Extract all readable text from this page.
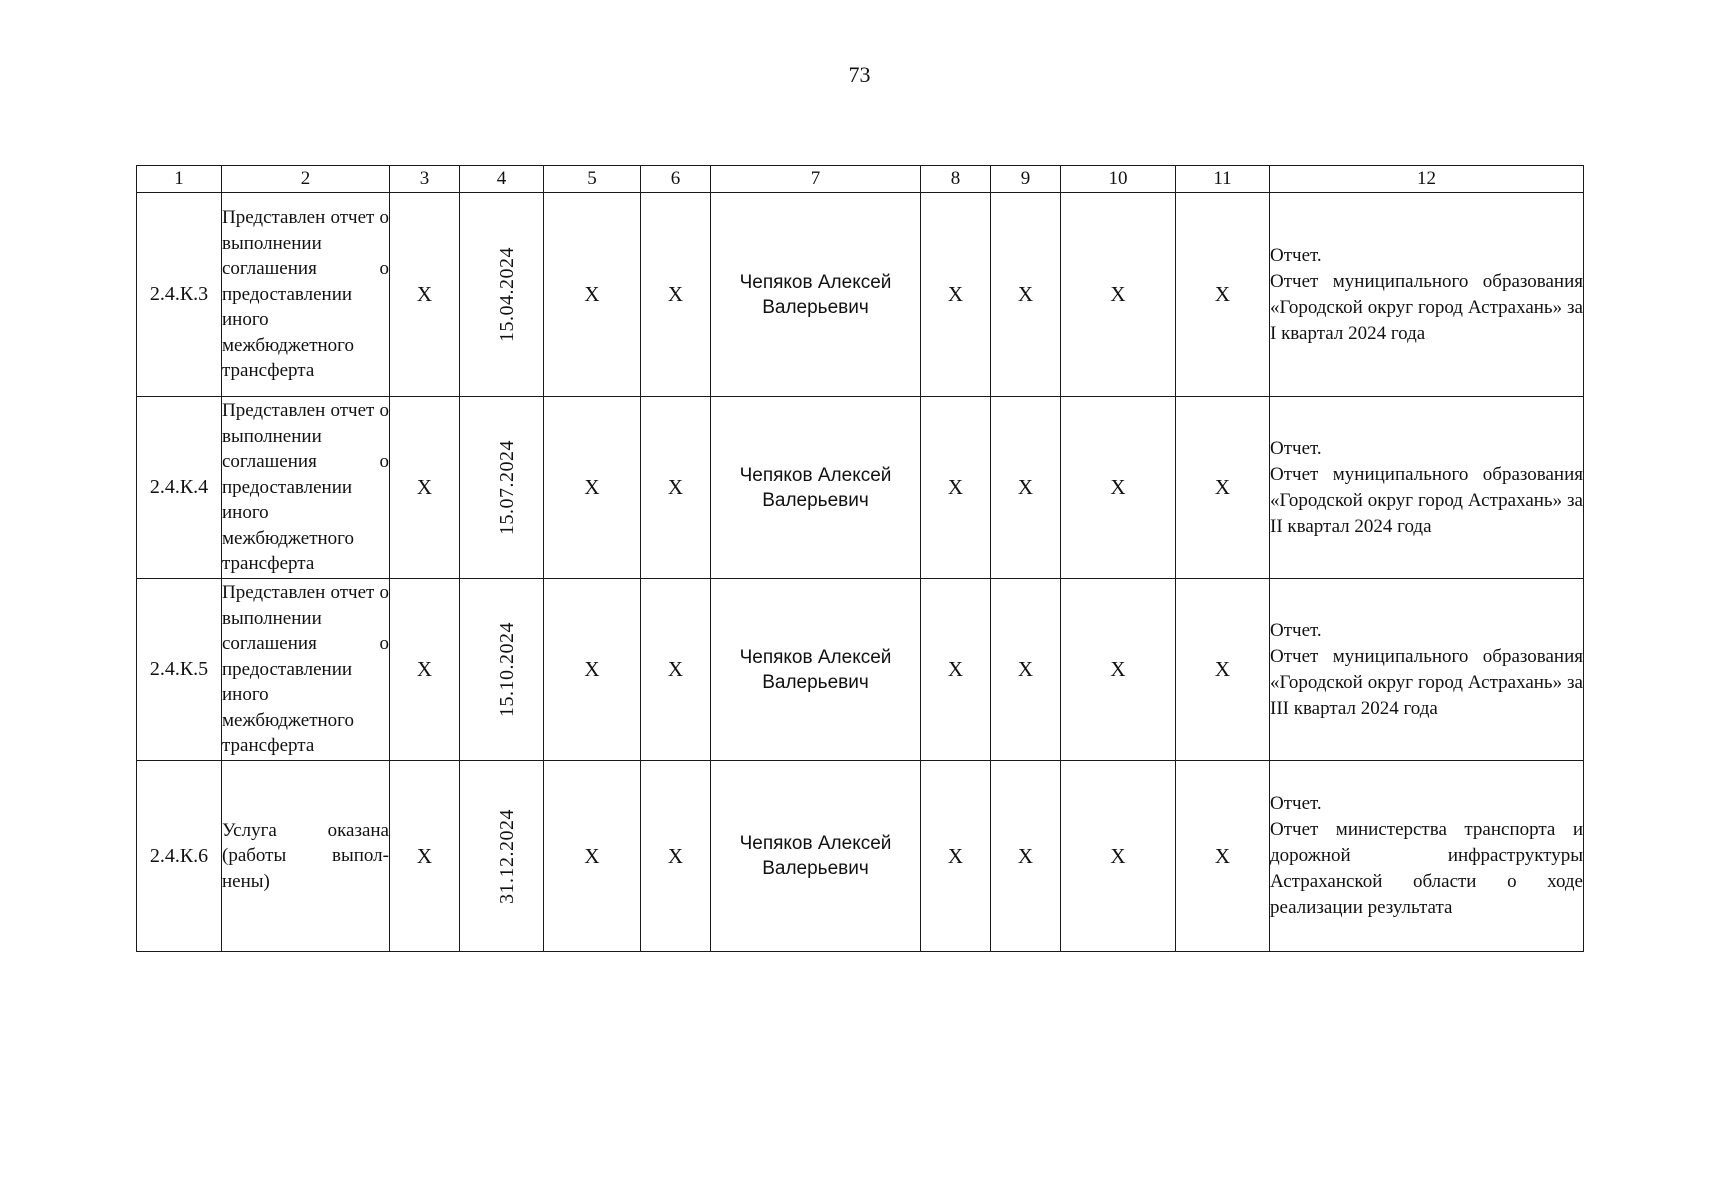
73
1	2	3	4	5	6	7	8	9	10	11	12
2.4.К.3	Представлен отчет о выполнении соглашения о предоставлении иного межбюджетного трансферта	X	15.04.2024	X	X	Чепяков Алексей Валерьевич	X	X	X	X	Отчет.
Отчет муниципального образования «Городской округ город Астрахань» за I квартал 2024 года

2.4.К.4	Представлен отчет о выполнении соглашения о предоставлении иного межбюджетного трансферта	X	15.07.2024	X	X	Чепяков Алексей Валерьевич	X	X	X	X	Отчет.
Отчет муниципального образования «Городской округ город Астрахань» за II квартал 2024 года

2.4.К.5	Представлен отчет о выполнении соглашения о предоставлении иного межбюджетного трансферта	X	15.10.2024	X	X	Чепяков Алексей Валерьевич	X	X	X	X	Отчет.
Отчет муниципального образования «Городской округ город Астрахань» за III квартал 2024 года

2.4.К.6	Услуга оказана (работы выполнены)	X	31.12.2024	X	X	Чепяков Алексей Валерьевич	X	X	X	X	Отчет.
Отчет министерства транспорта и дорожной инфраструктуры Астраханской области о ходе реализации результата
